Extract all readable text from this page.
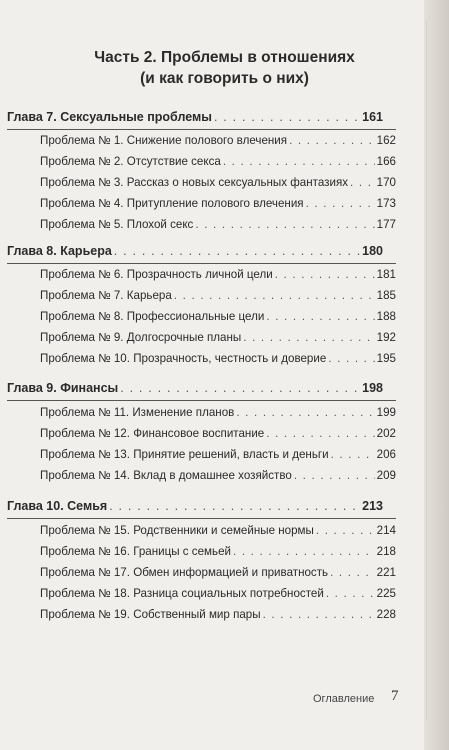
Часть 2. Проблемы в отношениях
(и как говорить о них)
Глава 7. Сексуальные проблемы . . .	161
Проблема № 1. Снижение полового влечения . . .	162
Проблема № 2. Отсутствие секса . . .	166
Проблема № 3. Рассказ о новых сексуальных фантазиях . . . 170
Проблема № 4. Притупление полового влечения . . .	173
Проблема № 5. Плохой секс . . .	177
Глава 8. Карьера . . .	180
Проблема № 6. Прозрачность личной цели . . .	181
Проблема № 7. Карьера . . .	185
Проблема № 8. Профессиональные цели . . .	188
Проблема № 9. Долгосрочные планы . . .	192
Проблема № 10. Прозрачность, честность и доверие . . .	195
Глава 9. Финансы . . .	198
Проблема № 11. Изменение планов . . .	199
Проблема № 12. Финансовое воспитание . . .	202
Проблема № 13. Принятие решений, власть и деньги . . .	206
Проблема № 14. Вклад в домашнее хозяйство . . .	209
Глава 10. Семья . . .	213
Проблема № 15. Родственники и семейные нормы . . .	214
Проблема № 16. Границы с семьей . . .	218
Проблема № 17. Обмен информацией и приватность . . .	221
Проблема № 18. Разница социальных потребностей . . .	225
Проблема № 19. Собственный мир пары . . .	228
Оглавление 7
